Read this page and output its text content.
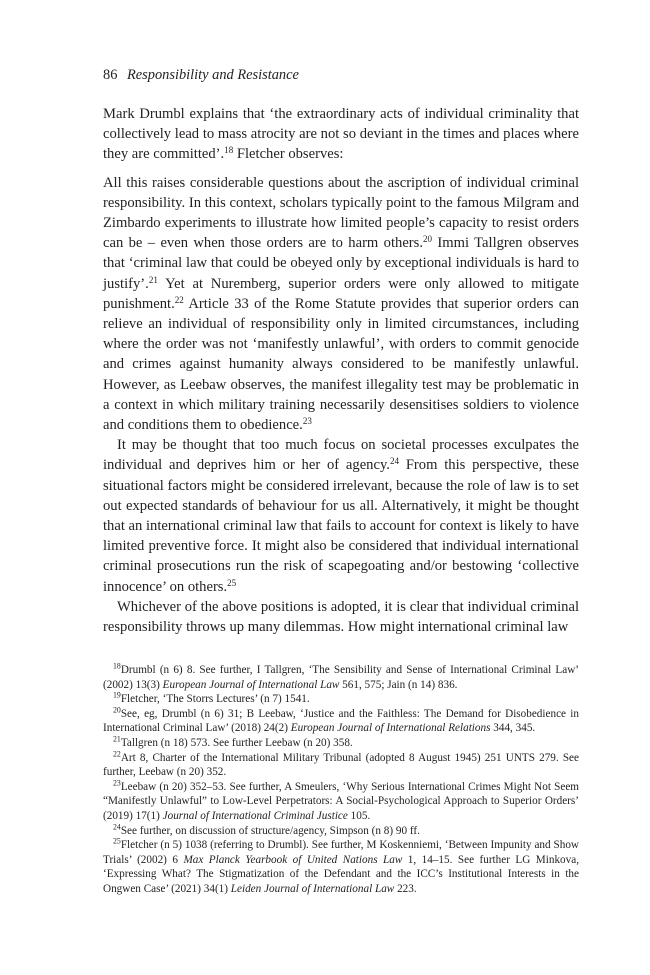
86 Responsibility and Resistance

Mark Drumbl explains that ‘the extraordinary acts of individual criminality that collectively lead to mass atrocity are not so deviant in the times and places where they are committed’.$^{18}$ Fletcher observes:

All this raises considerable questions about the ascription of individual criminal responsibility. In this context, scholars typically point to the famous Milgram and Zimbardo experiments to illustrate how limited people’s capacity to resist orders can be – even when those orders are to harm others.$^{20}$ Immi Tallgren observes that ‘criminal law that could be obeyed only by exceptional individuals is hard to justify’.$^{21}$ Yet at Nuremberg, superior orders were only allowed to mitigate punishment.$^{22}$ Article 33 of the Rome Statute provides that superior orders can relieve an individual of responsibility only in limited circumstances, including where the order was not ‘manifestly unlawful’, with orders to commit genocide and crimes against humanity always considered to be manifestly unlawful. However, as Leebaw observes, the manifest illegality test may be problematic in a context in which military training necessarily desensitises soldiers to violence and conditions them to obedience.$^{23}$

It may be thought that too much focus on societal processes exculpates the individual and deprives him or her of agency.$^{24}$ From this perspective, these situational factors might be considered irrelevant, because the role of law is to set out expected standards of behaviour for us all. Alternatively, it might be thought that an international criminal law that fails to account for context is likely to have limited preventive force. It might also be considered that individual international criminal prosecutions run the risk of scapegoating and/or bestowing ‘collective innocence’ on others.$^{25}$

Whichever of the above positions is adopted, it is clear that individual criminal responsibility throws up many dilemmas. How might international criminal law

$^{18}$Drumbl (n 6) 8. See further, I Tallgren, ‘The Sensibility and Sense of International Criminal Law’ (2002) 13(3) European Journal of International Law 561, 575; Jain (n 14) 836.

$^{19}$Fletcher, ‘The Storrs Lectures’ (n 7) 1541.

$^{20}$See, eg, Drumbl (n 6) 31; B Leebaw, ‘Justice and the Faithless: The Demand for Disobedience in International Criminal Law’ (2018) 24(2) European Journal of International Relations 344, 345.

$^{21}$Tallgren (n 18) 573. See further Leebaw (n 20) 358.

$^{22}$Art 8, Charter of the International Military Tribunal (adopted 8 August 1945) 251 UNTS 279. See further, Leebaw (n 20) 352.

$^{23}$Leebaw (n 20) 352–53. See further, A Smeulers, ‘Why Serious International Crimes Might Not Seem “Manifestly Unlawful” to Low-Level Perpetrators: A Social-Psychological Approach to Superior Orders’ (2019) 17(1) Journal of International Criminal Justice 105.

$^{24}$See further, on discussion of structure/agency, Simpson (n 8) 90 ff.

$^{25}$Fletcher (n 5) 1038 (referring to Drumbl). See further, M Koskenniemi, ‘Between Impunity and Show Trials’ (2002) 6 Max Planck Yearbook of United Nations Law 1, 14–15. See further LG Minkova, ‘Expressing What? The Stigmatization of the Defendant and the ICC’s Institutional Interests in the Ongwen Case’ (2021) 34(1) Leiden Journal of International Law 223.
